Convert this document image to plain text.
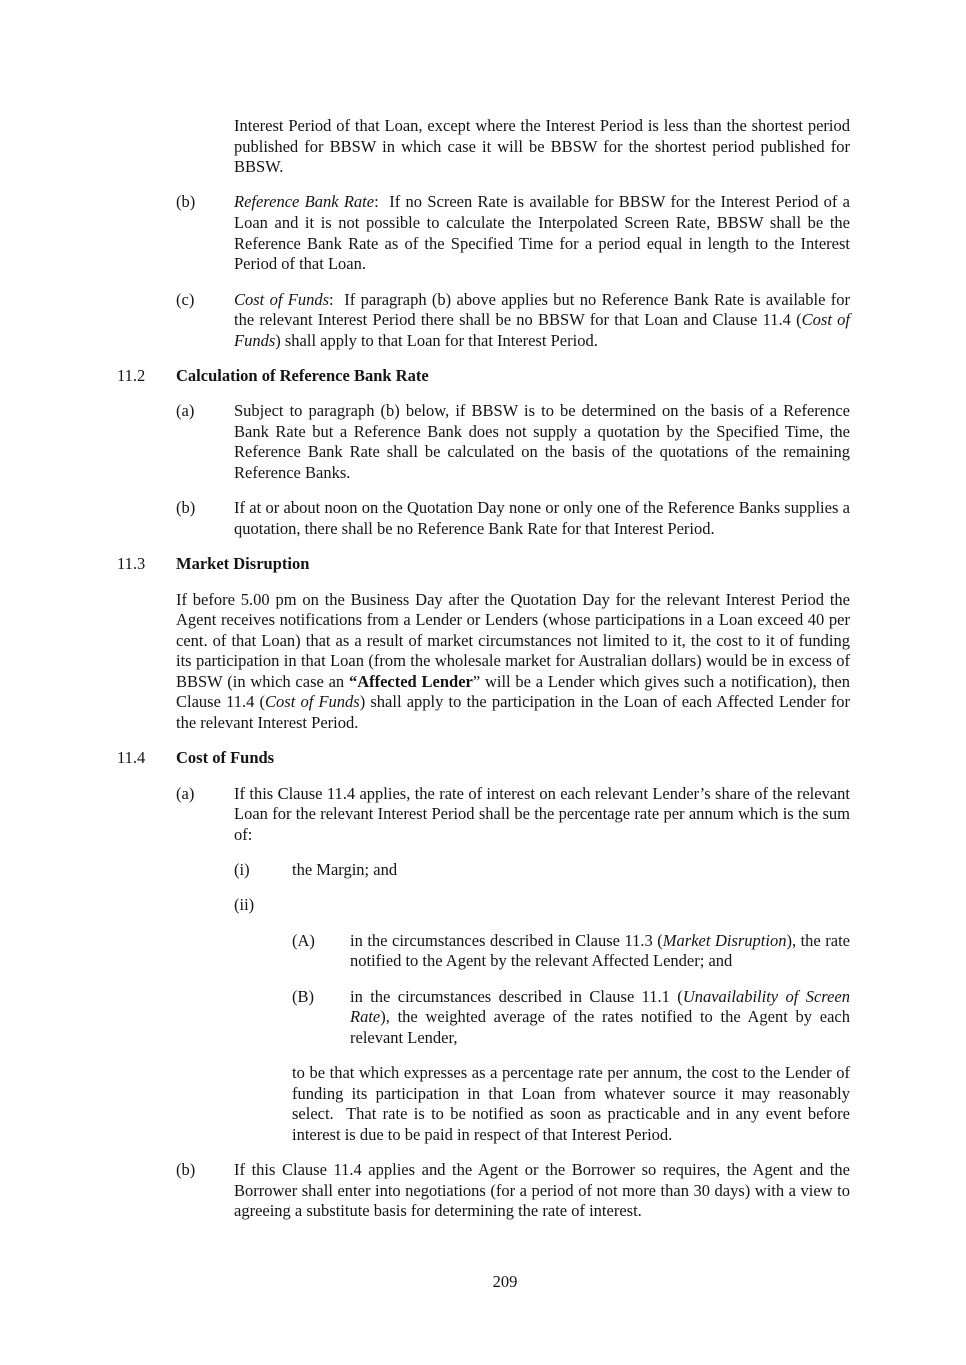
Interest Period of that Loan, except where the Interest Period is less than the shortest period published for BBSW in which case it will be BBSW for the shortest period published for BBSW.
(b)	Reference Bank Rate:  If no Screen Rate is available for BBSW for the Interest Period of a Loan and it is not possible to calculate the Interpolated Screen Rate, BBSW shall be the Reference Bank Rate as of the Specified Time for a period equal in length to the Interest Period of that Loan.
(c)	Cost of Funds:  If paragraph (b) above applies but no Reference Bank Rate is available for the relevant Interest Period there shall be no BBSW for that Loan and Clause 11.4 (Cost of Funds) shall apply to that Loan for that Interest Period.
11.2	Calculation of Reference Bank Rate
(a)	Subject to paragraph (b) below, if BBSW is to be determined on the basis of a Reference Bank Rate but a Reference Bank does not supply a quotation by the Specified Time, the Reference Bank Rate shall be calculated on the basis of the quotations of the remaining Reference Banks.
(b)	If at or about noon on the Quotation Day none or only one of the Reference Banks supplies a quotation, there shall be no Reference Bank Rate for that Interest Period.
11.3	Market Disruption
If before 5.00 pm on the Business Day after the Quotation Day for the relevant Interest Period the Agent receives notifications from a Lender or Lenders (whose participations in a Loan exceed 40 per cent. of that Loan) that as a result of market circumstances not limited to it, the cost to it of funding its participation in that Loan (from the wholesale market for Australian dollars) would be in excess of BBSW (in which case an “Affected Lender” will be a Lender which gives such a notification), then Clause 11.4 (Cost of Funds) shall apply to the participation in the Loan of each Affected Lender for the relevant Interest Period.
11.4	Cost of Funds
(a)	If this Clause 11.4 applies, the rate of interest on each relevant Lender’s share of the relevant Loan for the relevant Interest Period shall be the percentage rate per annum which is the sum of:
(i)	the Margin; and
(ii)
(A)	in the circumstances described in Clause 11.3 (Market Disruption), the rate notified to the Agent by the relevant Affected Lender; and
(B)	in the circumstances described in Clause 11.1 (Unavailability of Screen Rate), the weighted average of the rates notified to the Agent by each relevant Lender,
to be that which expresses as a percentage rate per annum, the cost to the Lender of funding its participation in that Loan from whatever source it may reasonably select.  That rate is to be notified as soon as practicable and in any event before interest is due to be paid in respect of that Interest Period.
(b)	If this Clause 11.4 applies and the Agent or the Borrower so requires, the Agent and the Borrower shall enter into negotiations (for a period of not more than 30 days) with a view to agreeing a substitute basis for determining the rate of interest.
209
